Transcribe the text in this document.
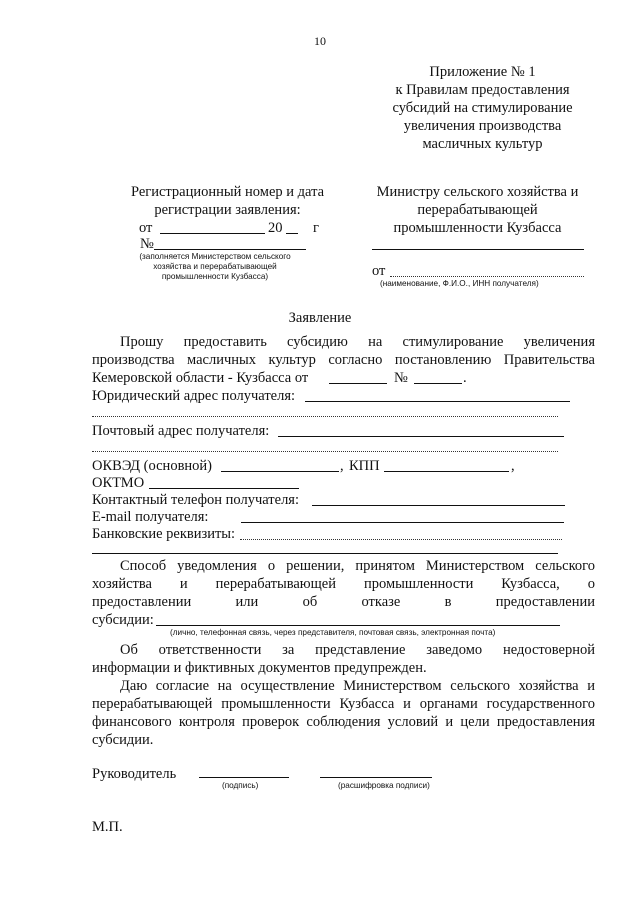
10
Приложение № 1
к Правилам предоставления
субсидий на стимулирование
увеличения производства
масличных культур
Регистрационный номер и дата
регистрации заявления:
от	20 г
№
(заполняется Министерством сельского
хозяйства и перерабатывающей
промышленности Кузбасса)
Министру сельского хозяйства и
перерабатывающей
промышленности Кузбасса
от
(наименование, Ф.И.О., ИНН получателя)
Заявление
Прошу предоставить субсидию на стимулирование увеличения
производства масличных культур согласно постановлению Правительства
Кемеровской области - Кузбасса от	№	.
Юридический адрес получателя:
Почтовый адрес получателя:
ОКВЭД (основной)	, КПП	,
ОКТМО
Контактный телефон получателя:
E-mail получателя:
Банковские реквизиты:
Способ уведомления о решении, принятом Министерством сельского
хозяйства и перерабатывающей промышленности Кузбасса, о
предоставлении или об отказе в предоставлении
субсидии:
(лично, телефонная связь, через представителя, почтовая связь, электронная почта)
Об ответственности за представление заведомо недостоверной
информации и фиктивных документов предупрежден.
Даю согласие на осуществление Министерством сельского хозяйства и
перерабатывающей промышленности Кузбасса и органами государственного
финансового контроля проверок соблюдения условий и цели предоставления
субсидии.
Руководитель
(подпись)	(расшифровка подписи)
М.П.
